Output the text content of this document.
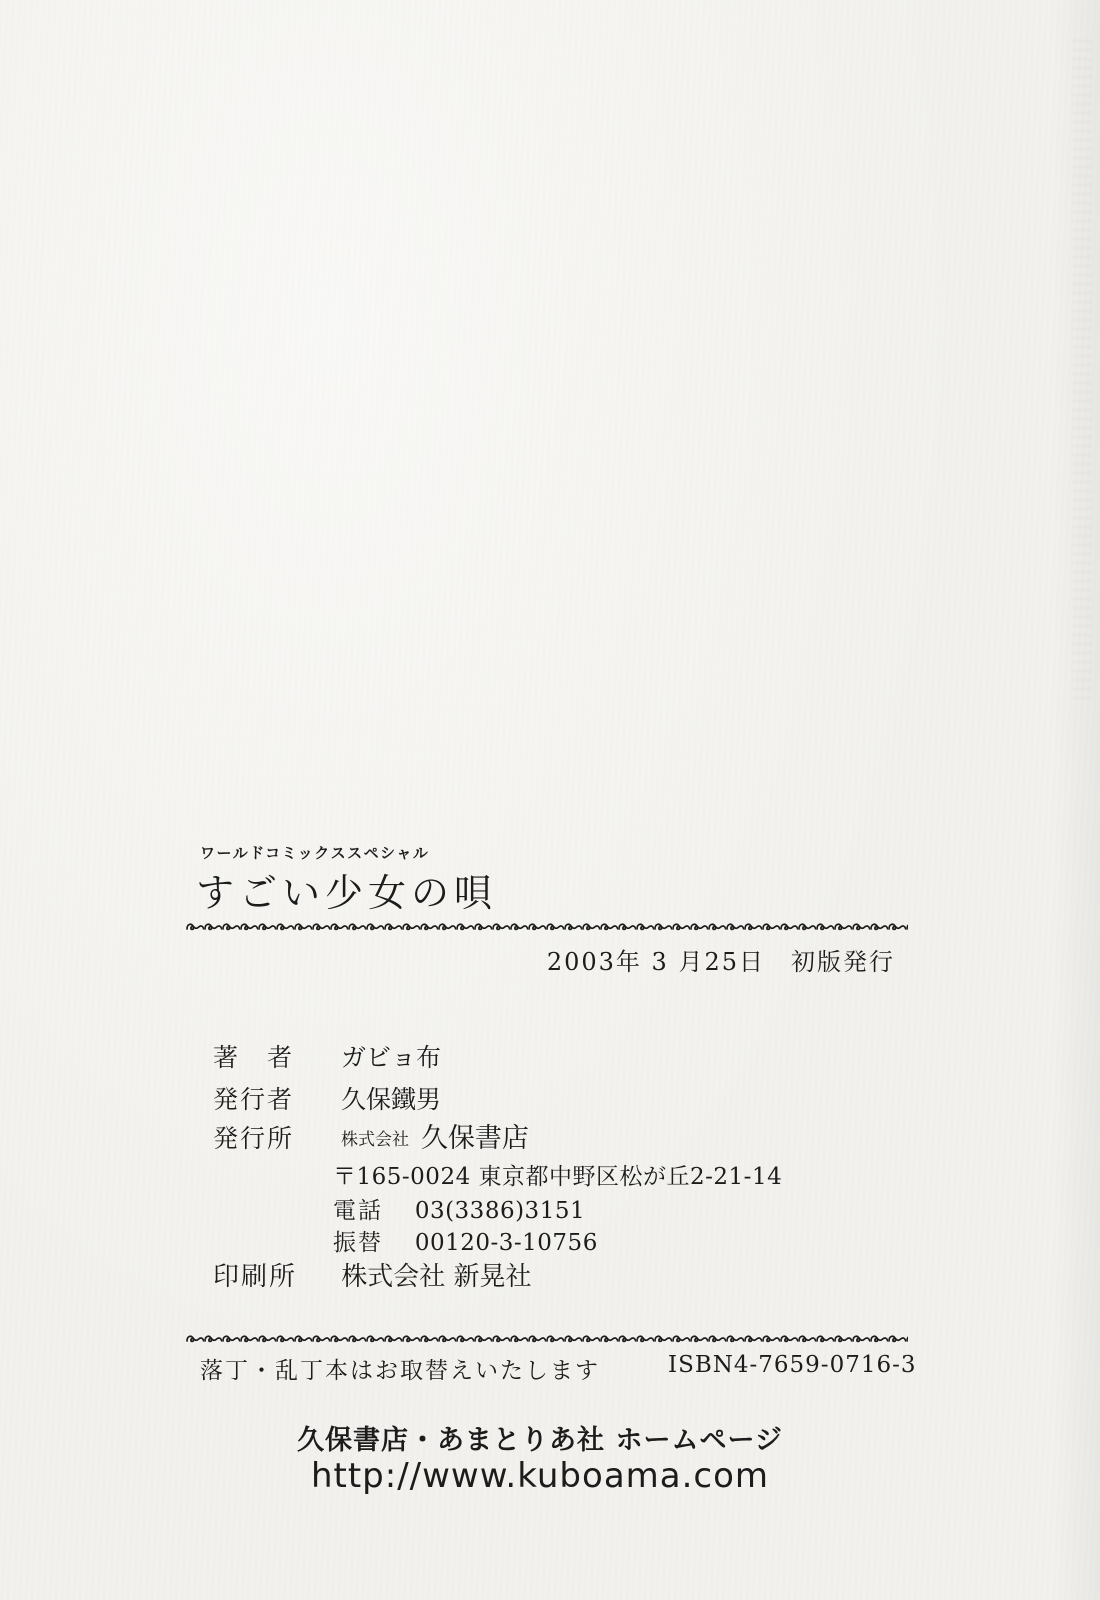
ワールドコミックススペシャル
すごい少女の唄
2003年 3 月25日　初版発行
著　者 ガビョ布
発行者 久保鐵男
発行所	株式会社 久保書店
〒165-0024 東京都中野区松が丘2-21-14
電話 03(3386)3151
振替 00120-3-10756
印刷所 株式会社 新晃社
落丁・乱丁本はお取替えいたします	ISBN4-7659-0716-3
久保書店・あまとりあ社 ホームページ
http://www.kuboama.com
